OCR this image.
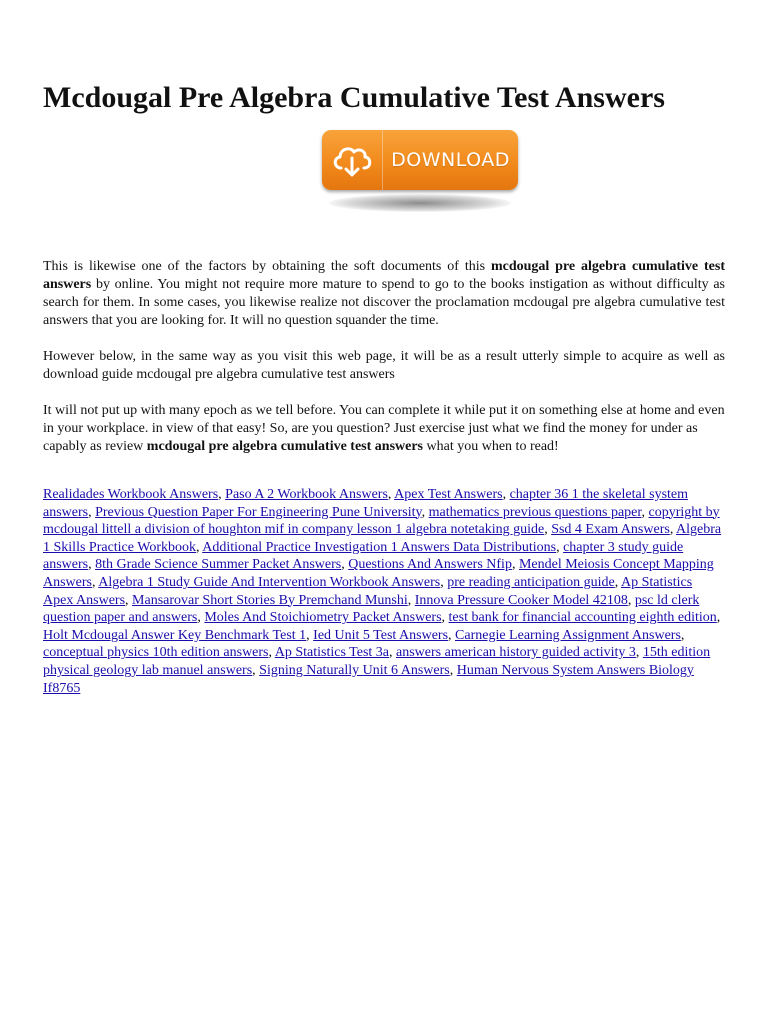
Mcdougal Pre Algebra Cumulative Test Answers
DOWNLOAD

This is likewise one of the factors by obtaining the soft documents of this mcdougal pre algebra cumulative test answers by online. You might not require more mature to spend to go to the books instigation as without difficulty as search for them. In some cases, you likewise realize not discover the proclamation mcdougal pre algebra cumulative test answers that you are looking for. It will no question squander the time.

However below, in the same way as you visit this web page, it will be as a result utterly simple to acquire as well as download guide mcdougal pre algebra cumulative test answers

It will not put up with many epoch as we tell before. You can complete it while put it on something else at home and even in your workplace. in view of that easy! So, are you question? Just exercise just what we find the money for under as capably as review mcdougal pre algebra cumulative test answers what you when to read!

Realidades Workbook Answers, Paso A 2 Workbook Answers, Apex Test Answers, chapter 36 1 the skeletal system answers, Previous Question Paper For Engineering Pune University, mathematics previous questions paper, copyright by mcdougal littell a division of houghton mif in company lesson 1 algebra notetaking guide, Ssd 4 Exam Answers, Algebra 1 Skills Practice Workbook, Additional Practice Investigation 1 Answers Data Distributions, chapter 3 study guide answers, 8th Grade Science Summer Packet Answers, Questions And Answers Nfip, Mendel Meiosis Concept Mapping Answers, Algebra 1 Study Guide And Intervention Workbook Answers, pre reading anticipation guide, Ap Statistics Apex Answers, Mansarovar Short Stories By Premchand Munshi, Innova Pressure Cooker Model 42108, psc ld clerk question paper and answers, Moles And Stoichiometry Packet Answers, test bank for financial accounting eighth edition, Holt Mcdougal Answer Key Benchmark Test 1, Ied Unit 5 Test Answers, Carnegie Learning Assignment Answers, conceptual physics 10th edition answers, Ap Statistics Test 3a, answers american history guided activity 3, 15th edition physical geology lab manuel answers, Signing Naturally Unit 6 Answers, Human Nervous System Answers Biology If8765
